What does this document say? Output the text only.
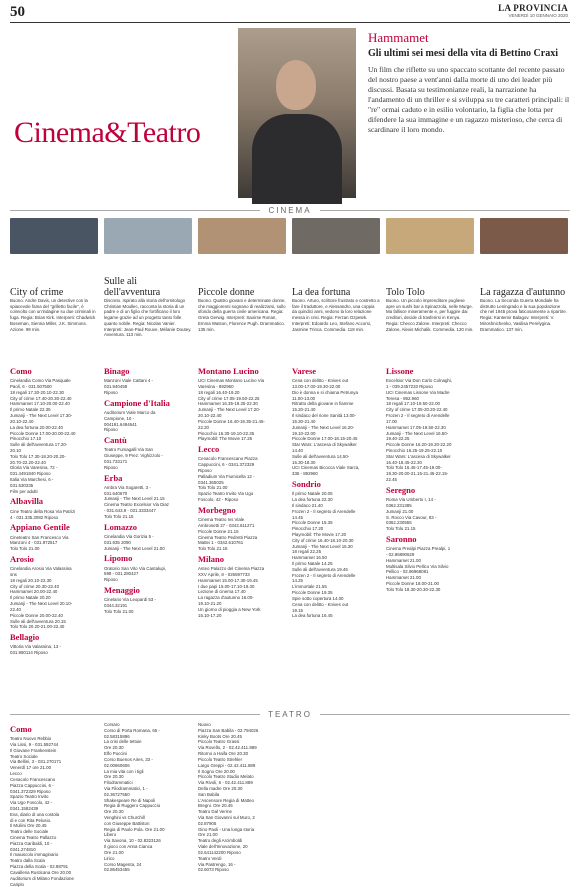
50	LA PROVINCIA
VENERDÌ 10 GENNAIO 2020
Cinema&Teatro
Hammamet
Gli ultimi sei mesi della vita di Bettino Craxi
Un film che riflette su uno spaccato scottante del recente passato del nostro paese a vent'anni dalla morte di uno dei leader più discussi. Basata su testimonianze reali, la narrazione ha l'andamento di un thriller e si sviluppa su tre caratteri principali: il "re" ormai caduto e in esilio volontario, la figlia che lotta per difendere la sua immagine e un ragazzo misterioso, che cerca di scardinare il loro mondo.
CINEMA
City of crime
Buono. Andre Davis, un detective con la spiacevole fama del "grilletto facile", è coinvolto con un'indagine su due criminali in fuga. Regia: Brian Kirk. Interpreti: Chadwick Boseman, Sienna Miller, J.K. Simmons. Azione. 99 min.
Sulle ali dell'avventura
Discreto. Ispirato alla storia dell'ornitologo Christian Moullec, racconta la storia di un padre e di un figlio che fortificano il loro legame grazie ad un progetto tanto folle quanto nobile. Regia: Nicolas Vanier. Interpreti: Jean-Paul Rouve, Mélanie Doutey. Avventura. 113 min.
Piccole donne
Buono. Quattro giovani e determinate donne, che maggiorenni sognano di realizzarsi, sullo sfondo della guerra civile americana. Regia: Greta Gerwig. Interpreti: Saoirse Ronan, Emma Watson, Florence Pugh. Drammatico. 135 min.
La dea fortuna
Buono. Arturo, scrittore frustrato e costretto a fare il traduttore, e Alessandro, una coppia da quindici anni, vedono la loro relazione messa in crisi. Regia: Ferzan Ozpetek. Interpreti: Edoardo Leo, Stefano Accorsi, Jasmine Trinca. Commedia. 118 min.
Tolo Tolo
Buono. Un piccolo imprenditore pugliese apre un sushi bar a Spinazzola, nelle Murge. Ma fallisce miseramente e, per fuggire dai creditori, decide di trasferirsi in Kenya. Regia: Checco Zalone. Interpreti: Checco Zalone, Alexis Michalik. Commedia. 120 min.
La ragazza d'autunno
Buono. La Seconda Guerra Mondiale ha distrutto Leningrado e la sua popolazione che nel 1945 prova faticosamente a ripartire. Regia: Kantemir Balagov. Interpreti: V. Miroshnichenko, Vasilisa Perelygina. Drammatico. 137 min.
Como
Cinelandia Como Via Pasquale
Paoli, 6 - 031.507500
18 regali 17.30-20.10-22.30
City of crime 17.40-20.30-22.40
Hammamet 17.10-20.00-22.40
Il primo Natale 22.35
Jumanji - The Next Level 17.30-
20.10-22.40
La dea fortuna 20.00-22.40
Piccole Donne 17.00-20.00-22.40
Pinocchio 17.10
Sulle ali dell'avventura 17.20-
20.10
Tolo Tolo 17.30-18.20-20.20-
20.70-22.20-22.40
Gloria Via Varesina, 72 -
031.4491840 Riposo
Italia Via Marchesi, 6 -
031.530335
Film per adulti
Albavilla
Cine Teatro della Rosa Via Patrizi
4 - 031.335.3082 Riposo
Appiano Gentile
Cineteatro San Francesco Via
Manzoni 4 - 031.972517
Tolo Tolo 21.00
Arosio
Cinelandia Arosio Via Valassina
sns
18 regali 20.10-22.30
City of crime 20.30-22.40
Hammamet 20.00-22.40
Il primo Natale 20.20
Jumanji - The Next Level 20.10-
22.40
Piccole Donne 20.00-22.40
Sulle ali dell'avventura 20.15
Tolo Tolo 20.20-21.00-22.40
Bellagio
Vittoria Via Valassina, 13 -
031.950114 Riposo
Binago
Manzoni Viale Cattani 4 -
031.940459
Riposo
Campione d'Italia
Auditorium Viale Marco da
Campione, 10 -
004191.6494641
Riposo
Cantù
Teatro Fumagalli Via San
Giuseppe, 9 Prez. Vighizzolo -
031.733171
Riposo
Erba
Ambra Via Sogaretti, 3 -
031.640670
Jumanji - The Next Level 21.15
Cinema Teatro Excelsior Via Diaz
- 031.643.9 - 031.3333447
Tolo Tolo 21.15
Lomazzo
Cinelandia Via Gorizia 5 -
031.935 2090
Jumanji - The Next Level 21.00
Lipomo
Oratorio San Vito Via Cantalupi,
598 - 031.280427
Riposo
Menaggio
Cinelario Via Leopardi 53 -
0344.32191
Tolo Tolo 21.00
Montano Lucino
UCI Cinemas Montano Lucino Via
Varesina - 892960
18 regali 16.40-19.20
City of crime 17.05-19.50-22.25
Hammamet 16.35-19.25-22.30
Jumanji - The Next Level 17.20-
20.10-22.40
Piccole Donne 16.40-19.35-21.45-
22.20
Pinocchio 16.30-19.10-22.35
Playmobil: The Movie 17.25
Lecco
Cenacolo Francescano Piazza
Cappuccini, 6 - 0341.372329
Riposo
Palladium Via Fiumicella 12 -
0341.365025
Tolo Tolo 21.00
Spazio Teatro Invito Via Ugo
Foscolo, 42 - Riposo
Morbegno
Cinema Teatro Ivs Viale
Ambrosetti 27 - 0342.611271
Piccole Donne 21.15
Cinema Teatro Pedretti Piazza
Mattei 1 - 0342.610761
Tolo Tolo 21.15
Milano
Anteo Palazzo del Cinema Piazza
XXV Aprile, 8 - 026597733
Hammamet 15.00-17.30-19.45
I due papi 15.00-17.10-19.30
Lezione di cinema 17.40
La ragazza d'autunno 16.00-
19.10-21.20
Un giorno di pioggia a New York
15.10-17.20
Varese
Cena con delitto - Knives out
13.00-17.00-19.30-22.00
Dio è donna e si chiama Petrunya
11.00-13.00
Ritratto della giovane in fiamme
15.20-21.40
Il sindaco del rione Sanità 13.00-
15.30-21.40
Jumanji - The Next Level 16.20-
19.10-22.00
Piccole Donne 17.00-18.15-20.45
Star Wars: L'ascesa di Skywalker
14.40
Sulle ali dell'avventura 14.50-
16.30-18.30
UCI Cinemas Bicocca Viale Sarca,
336 - 892960
Sondrio
Il primo Natale 20.05
La dea fortuna 22.30
Il sindaco 21.40
Frozen 2 - Il segreto di Arendelle
14.45
Piccole Donne 15.35
Pinocchio 17.20
Playmobil: The Movie 17.20
City of crime 16.40-18.10-20.30
Jumanji - The Next Level 15.30
18 regali 22.25
Hammamet 16.50
Il primo Natale 14.25
Sulle ali dell'avventura 19.45
Frozen 2 - Il segreto di Arendelle
14.25
L'immortale 21.55
Piccole Donne 19.35
Spie sotto copertura 14.00
Cena con delitto - Knives out
19.15
La dea fortuna 16.45
Lissone
Excelsior Via Don Carlo Colnaghi,
1 - 039.2457233 Riposo
UCI Cinemas Lissone Via Madre
Teresa - 892.960
18 regali 17.10-19.50-22.00
City of crime 17.05-20.20-22.40
Frozen 2 - Il segreto di Arendelle
17.00
Hammamet 17.05-19.50-22.30
Jumanji - The Next Level 16.50-
19.40-22.25
Piccole Donne 16.20-19.20-22.20
Pinocchio 16.25-19.25-22.10
Star Wars: L'ascesa di Skywalker
16.40-18.45-22.30
Tolo Tolo 16.45-17.45-19.00-
19.30-20.00-21.15-21.45-22.15-
22.45
Seregno
Roma Via Umberto I, 14 -
0362.231385
Jumanji 21.00
S. Rocco Via Cavour, 83 -
0362.230555
Tolo Tolo 21.15
Saronno
Cinema Prealpi Piazza Prealpi, 1
- 02.96890629
Hammamet 21.00
Multisala Silvio Pellico Via Silvio
Pellico - 02.96968081
Hammamet 21.00
Piccole Donne 18.00-21.00
Tolo Tolo 18.30-20.30-22.30
TEATRO
Como
Teatro Nuovo Rebbio
Via Lissi, 9 - 031.592744
Il Giovane Frankenstein
Teatro Sociale
Via Bellini, 3 - 031.270171
Venerdì 17 ore 21.00
Lecco
Cenacolo Francescano
Piazza Cappuccini, 6 -
0341.372329 Riposo
Spazio Teatro Invito
Via Ugo Foscolo, 42 -
0341.1582439
Eva, diario di una costola
di e con Rita Pelusio.
Il Muliini Ore 20.45
Teatro delle Sociale
Cinema Teatro Pallazzo
Piazza Garibaldi, 10 -
0341.274810
Il maiuscolo immaginario
Teatro dalla Scala
Piazza della Scala - 02.88791
Cavalleria Rusticana Ore 20.00
Auditorium di Milano Fondazione
Cariplo
Corsaro
Corso di Porta Romana, 65 -
02.58315896
La crisi delle tettoie
Ore 20.30
Elfo Puccini
Corso Buenos Aires, 33 -
02.00660606
La mia vita con i tigli
Ore 20.30
Filodrammatici
Via Filodrammatici, 1 -
02.36727550
Shakespeare Re di Napoli
Regia di Ruggero Cappuccio
Ore 20.30
Venghini vs Churchill
con Giuseppe Battiston
Regia di Paolo Pola. Ore 21.00
Libero
Via Savona, 10 - 02.8323126
Il gioco con Anna Cianca
Ore 21.00
Lirico
Corso Magenta, 24
02.86453455
Nuovo
Piazza San Babila - 02.794026
Kinky Boots Ore 20.45
Piccolo Teatro Grassi
Via Rovello, 2 - 02.42.411.889
Ritorno a Haifa Ore 20.30
Piccolo Teatro Strehler
Largo Greppi - 02.42.411.889
Il Sogno Ore 20.00
Piccolo Teatro Studio Melato
Via Rivoli, 6 - 02.42.411.889
Della madre Ore 20.30
San Babila
L'Ascensore Regia di Matteo
Bregni. Ore 20.45
Teatro Dal Verme
Via San Giovanni sul Muro, 2
02.87905
Gino Paoli - Una lunga storia
Ore 21.00
Teatro degli Arcimboldi
Viale dell'Innovazione, 20
02.641142200 Riposo
Teatro Verdi
Via Pastrengo, 16 -
02.6073 Riposo
